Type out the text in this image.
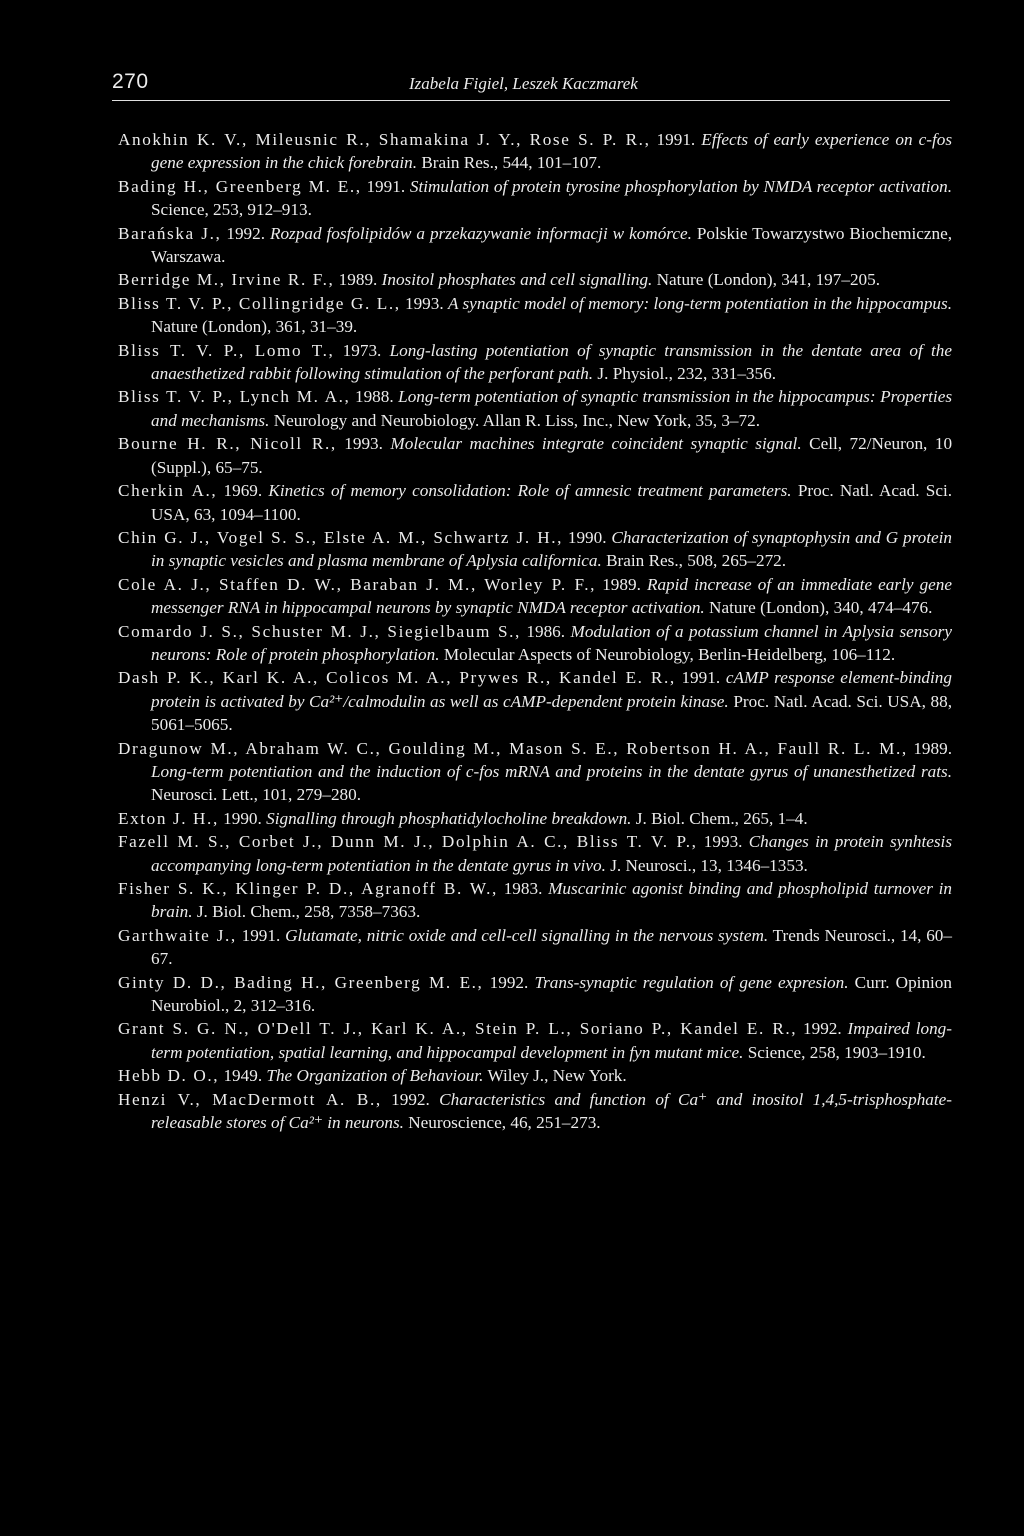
270	Izabela Figiel, Leszek Kaczmarek

Anokhin K. V., Mileusnic R., Shamakina J. Y., Rose S. P. R., 1991. Effects of early experience on c-fos gene expression in the chick forebrain. Brain Res., 544, 101–107.

Bading H., Greenberg M. E., 1991. Stimulation of protein tyrosine phosphorylation by NMDA receptor activation. Science, 253, 912–913.

Barańska J., 1992. Rozpad fosfolipidów a przekazywanie informacji w komórce. Polskie Towarzystwo Biochemiczne, Warszawa.

Berridge M., Irvine R. F., 1989. Inositol phosphates and cell signalling. Nature (London), 341, 197–205.

Bliss T. V. P., Collingridge G. L., 1993. A synaptic model of memory: long-term potentiation in the hippocampus. Nature (London), 361, 31–39.

Bliss T. V. P., Lomo T., 1973. Long-lasting potentiation of synaptic transmission in the dentate area of the anaesthetized rabbit following stimulation of the perforant path. J. Physiol., 232, 331–356.

Bliss T. V. P., Lynch M. A., 1988. Long-term potentiation of synaptic transmission in the hippocampus: Properties and mechanisms. Neurology and Neurobiology. Allan R. Liss, Inc., New York, 35, 3–72.

Bourne H. R., Nicoll R., 1993. Molecular machines integrate coincident synaptic signal. Cell, 72/Neuron, 10 (Suppl.), 65–75.

Cherkin A., 1969. Kinetics of memory consolidation: Role of amnesic treatment parameters. Proc. Natl. Acad. Sci. USA, 63, 1094–1100.

Chin G. J., Vogel S. S., Elste A. M., Schwartz J. H., 1990. Characterization of synaptophysin and G protein in synaptic vesicles and plasma membrane of Aplysia californica. Brain Res., 508, 265–272.

Cole A. J., Staffen D. W., Baraban J. M., Worley P. F., 1989. Rapid increase of an immediate early gene messenger RNA in hippocampal neurons by synaptic NMDA receptor activation. Nature (London), 340, 474–476.

Comardo J. S., Schuster M. J., Siegielbaum S., 1986. Modulation of a potassium channel in Aplysia sensory neurons: Role of protein phosphorylation. Molecular Aspects of Neurobiology, Berlin-Heidelberg, 106–112.

Dash P. K., Karl K. A., Colicos M. A., Prywes R., Kandel E. R., 1991. cAMP response element-binding protein is activated by Ca²⁺/calmodulin as well as cAMP-dependent protein kinase. Proc. Natl. Acad. Sci. USA, 88, 5061–5065.

Dragunow M., Abraham W. C., Goulding M., Mason S. E., Robertson H. A., Faull R. L. M., 1989. Long-term potentiation and the induction of c-fos mRNA and proteins in the dentate gyrus of unanesthetized rats. Neurosci. Lett., 101, 279–280.

Exton J. H., 1990. Signalling through phosphatidylocholine breakdown. J. Biol. Chem., 265, 1–4.

Fazell M. S., Corbet J., Dunn M. J., Dolphin A. C., Bliss T. V. P., 1993. Changes in protein synhtesis accompanying long-term potentiation in the dentate gyrus in vivo. J. Neurosci., 13, 1346–1353.

Fisher S. K., Klinger P. D., Agranoff B. W., 1983. Muscarinic agonist binding and phospholipid turnover in brain. J. Biol. Chem., 258, 7358–7363.

Garthwaite J., 1991. Glutamate, nitric oxide and cell-cell signalling in the nervous system. Trends Neurosci., 14, 60–67.

Ginty D. D., Bading H., Greenberg M. E., 1992. Trans-synaptic regulation of gene expresion. Curr. Opinion Neurobiol., 2, 312–316.

Grant S. G. N., O'Dell T. J., Karl K. A., Stein P. L., Soriano P., Kandel E. R., 1992. Impaired long-term potentiation, spatial learning, and hippocampal development in fyn mutant mice. Science, 258, 1903–1910.

Hebb D. O., 1949. The Organization of Behaviour. Wiley J., New York.

Henzi V., MacDermott A. B., 1992. Characteristics and function of Ca⁺ and inositol 1,4,5-trisphosphate-releasable stores of Ca²⁺ in neurons. Neuroscience, 46, 251–273.
